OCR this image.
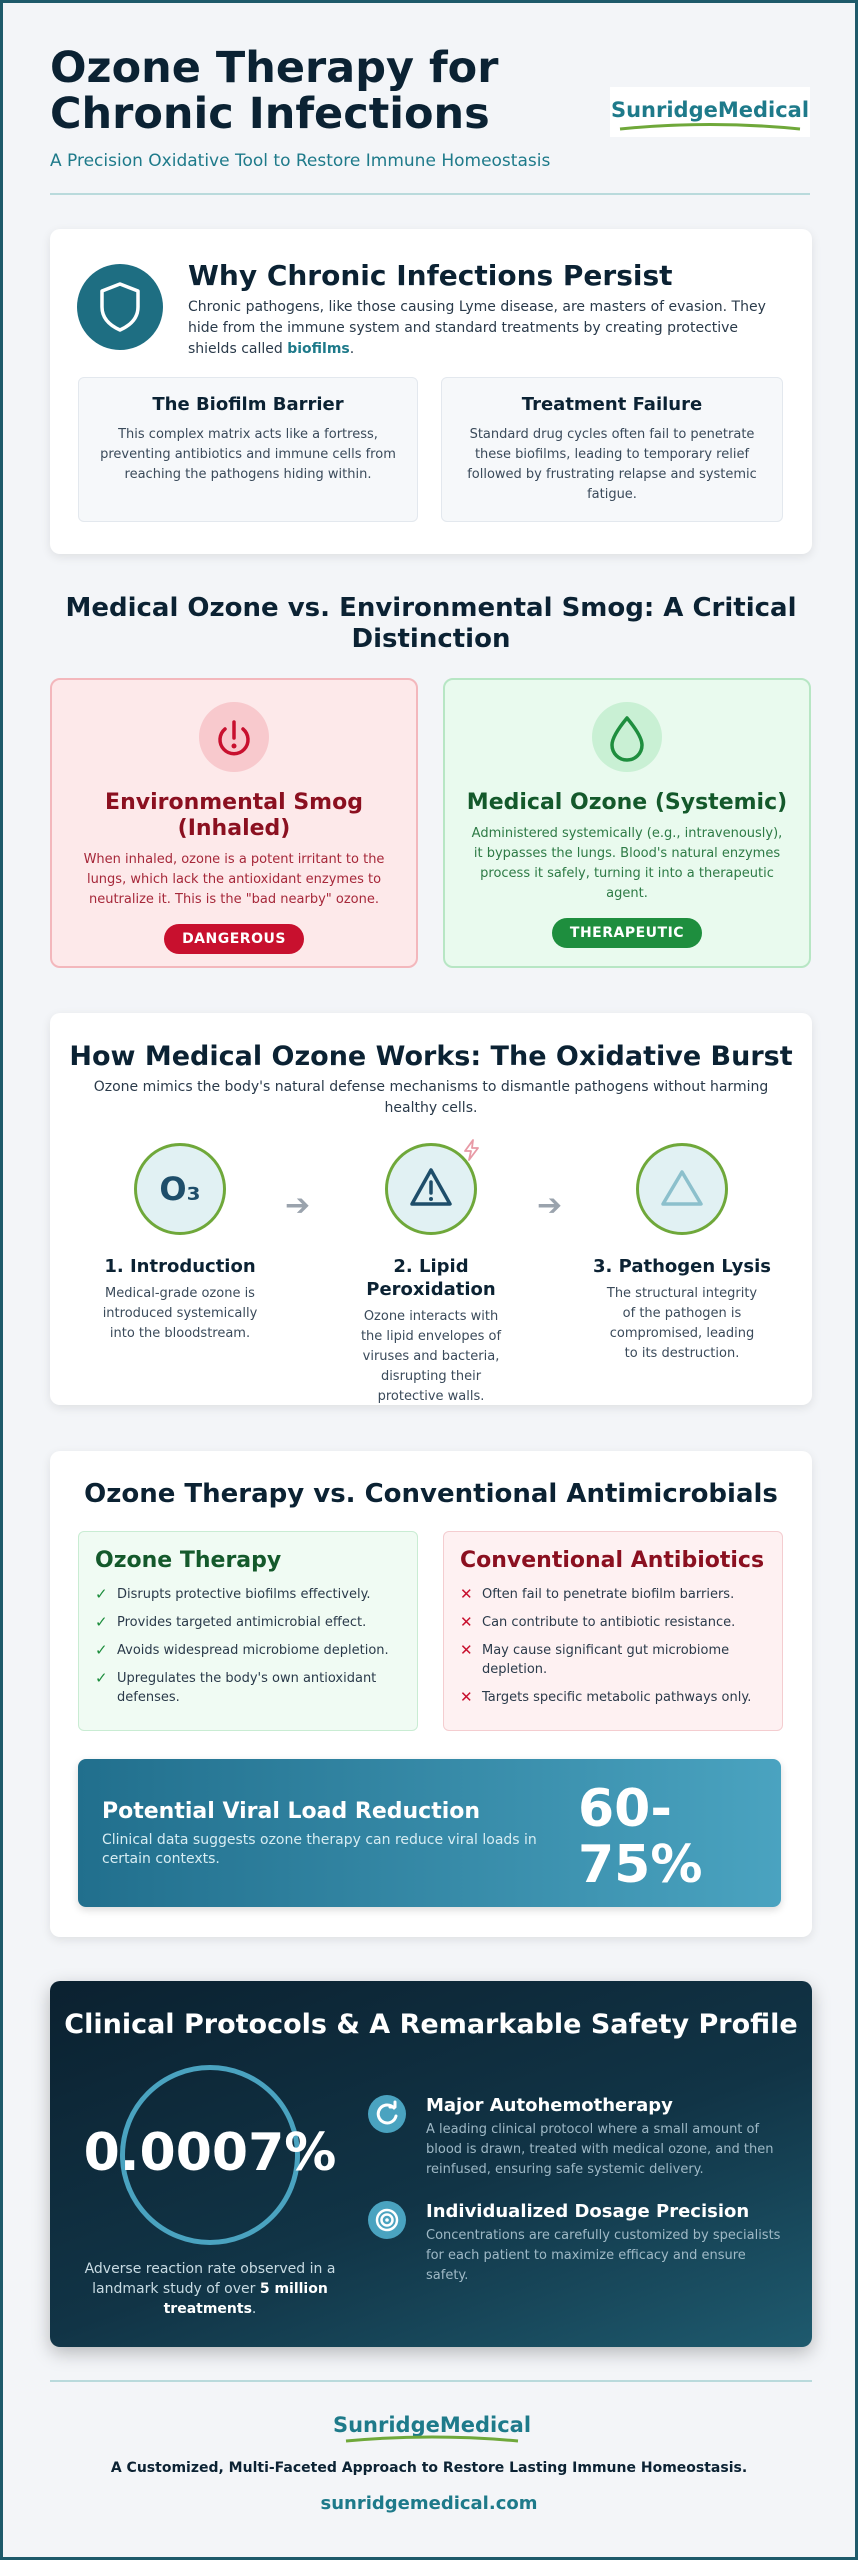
Ozone Therapy for Chronic Infections
A Precision Oxidative Tool to Restore Immune Homeostasis
SunridgeMedical
Why Chronic Infections Persist

Chronic pathogens, like those causing Lyme disease, are masters of evasion. They hide from the immune system and standard treatments by creating protective shields called biofilms.

The Biofilm Barrier

This complex matrix acts like a fortress, preventing antibiotics and immune cells from reaching the pathogens hiding within.

Treatment Failure

Standard drug cycles often fail to penetrate these biofilms, leading to temporary relief followed by frustrating relapse and systemic fatigue.

Medical Ozone vs. Environmental Smog: A Critical Distinction
Environmental Smog (Inhaled)

When inhaled, ozone is a potent irritant to the lungs, which lack the antioxidant enzymes to neutralize it. This is the "bad nearby" ozone.

DANGEROUS
Medical Ozone (Systemic)

Administered systemically (e.g., intravenously), it bypasses the lungs. Blood's natural enzymes process it safely, turning it into a therapeutic agent.

THERAPEUTIC
How Medical Ozone Works: The Oxidative Burst

Ozone mimics the body's natural defense mechanisms to dismantle pathogens without harming healthy cells.

O₃
1. Introduction

Medical-grade ozone is introduced systemically into the bloodstream.

➔
2. Lipid Peroxidation

Ozone interacts with the lipid envelopes of viruses and bacteria, disrupting their protective walls.

➔
3. Pathogen Lysis

The structural integrity of the pathogen is compromised, leading to its destruction.

Ozone Therapy vs. Conventional Antimicrobials
Ozone Therapy
✓ Disrupts protective biofilms effectively.
✓ Provides targeted antimicrobial effect.
✓ Avoids widespread microbiome depletion.
✓ Upregulates the body's own antioxidant defenses.
Conventional Antibiotics
✕ Often fail to penetrate biofilm barriers.
✕ Can contribute to antibiotic resistance.
✕ May cause significant gut microbiome depletion.
✕ Targets specific metabolic pathways only.
Potential Viral Load Reduction

Clinical data suggests ozone therapy can reduce viral loads in certain contexts.

60-75%
Clinical Protocols & A Remarkable Safety Profile
0.0007%

Adverse reaction rate observed in a landmark study of over 5 million treatments.

Major Autohemotherapy

A leading clinical protocol where a small amount of blood is drawn, treated with medical ozone, and then reinfused, ensuring safe systemic delivery.

Individualized Dosage Precision

Concentrations are carefully customized by specialists for each patient to maximize efficacy and ensure safety.

SunridgeMedical
A Customized, Multi-Faceted Approach to Restore Lasting Immune Homeostasis.
sunridgemedical.com
